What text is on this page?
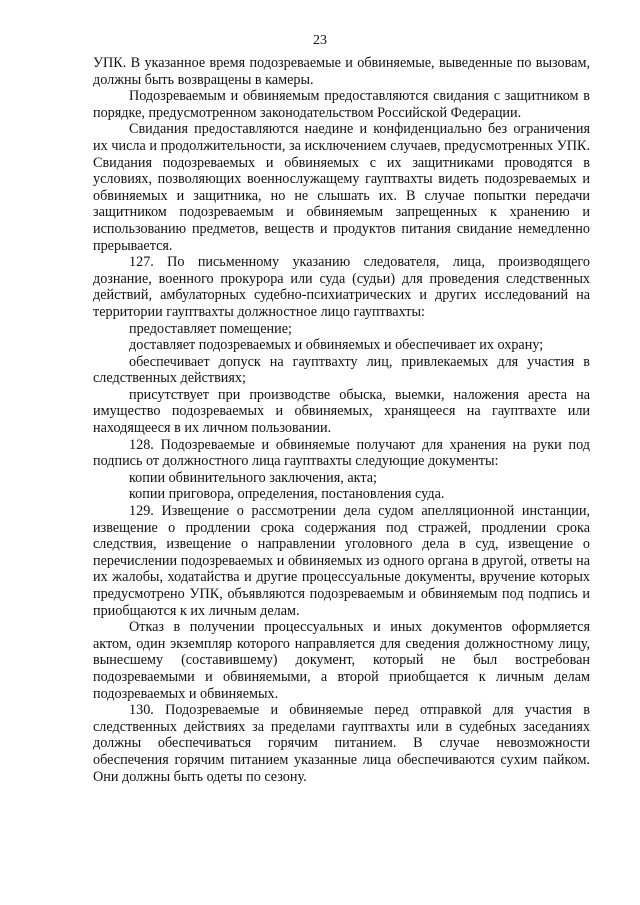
23

УПК. В указанное время подозреваемые и обвиняемые, выведенные по вызовам, должны быть возвращены в камеры.

Подозреваемым и обвиняемым предоставляются свидания с защитником в порядке, предусмотренном законодательством Российской Федерации.

Свидания предоставляются наедине и конфиденциально без ограничения их числа и продолжительности, за исключением случаев, предусмотренных УПК. Свидания подозреваемых и обвиняемых с их защитниками проводятся в условиях, позволяющих военнослужащему гауптвахты видеть подозреваемых и обвиняемых и защитника, но не слышать их. В случае попытки передачи защитником подозреваемым и обвиняемым запрещенных к хранению и использованию предметов, веществ и продуктов питания свидание немедленно прерывается.

127. По письменному указанию следователя, лица, производящего дознание, военного прокурора или суда (судьи) для проведения следственных действий, амбулаторных судебно-психиатрических и других исследований на территории гауптвахты должностное лицо гауптвахты:

предоставляет помещение;

доставляет подозреваемых и обвиняемых и обеспечивает их охрану;

обеспечивает допуск на гауптвахту лиц, привлекаемых для участия в следственных действиях;

присутствует при производстве обыска, выемки, наложения ареста на имущество подозреваемых и обвиняемых, хранящееся на гауптвахте или находящееся в их личном пользовании.

128. Подозреваемые и обвиняемые получают для хранения на руки под подпись от должностного лица гауптвахты следующие документы:

копии обвинительного заключения, акта;

копии приговора, определения, постановления суда.

129. Извещение о рассмотрении дела судом апелляционной инстанции, извещение о продлении срока содержания под стражей, продлении срока следствия, извещение о направлении уголовного дела в суд, извещение о перечислении подозреваемых и обвиняемых из одного органа в другой, ответы на их жалобы, ходатайства и другие процессуальные документы, вручение которых предусмотрено УПК, объявляются подозреваемым и обвиняемым под подпись и приобщаются к их личным делам.

Отказ в получении процессуальных и иных документов оформляется актом, один экземпляр которого направляется для сведения должностному лицу, вынесшему (составившему) документ, который не был востребован подозреваемыми и обвиняемыми, а второй приобщается к личным делам подозреваемых и обвиняемых.

130. Подозреваемые и обвиняемые перед отправкой для участия в следственных действиях за пределами гауптвахты или в судебных заседаниях должны обеспечиваться горячим питанием. В случае невозможности обеспечения горячим питанием указанные лица обеспечиваются сухим пайком. Они должны быть одеты по сезону.
